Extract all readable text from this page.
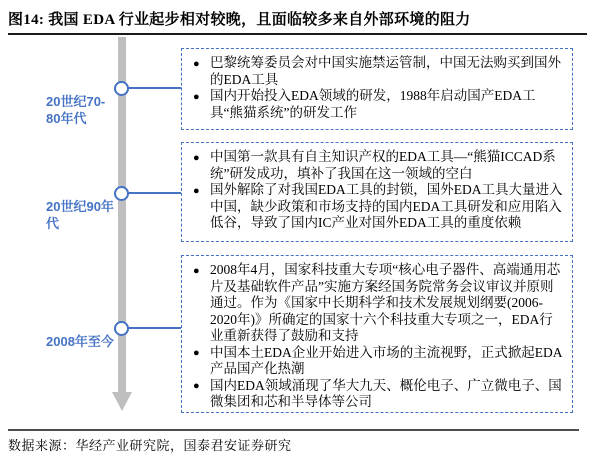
图14: 我国 EDA 行业起步相对较晚，且面临较多来自外部环境的阻力
20世纪70-80年代
20世纪90年代
2008年至今
● 巴黎统筹委员会对中国实施禁运管制，中国无法购买到国外的EDA工具
● 国内开始投入EDA领域的研发，1988年启动国产EDA工具“熊猫系统”的研发工作
● 中国第一款具有自主知识产权的EDA工具—“熊猫ICCAD系统”研发成功，填补了我国在这一领域的空白
● 国外解除了对我国EDA工具的封锁，国外EDA工具大量进入中国，缺少政策和市场支持的国内EDA工具研发和应用陷入低谷，导致了国内IC产业对国外EDA工具的重度依赖
● 2008年4月，国家科技重大专项“核心电子器件、高端通用芯片及基础软件产品”实施方案经国务院常务会议审议并原则通过。作为《国家中长期科学和技术发展规划纲要(2006-2020年)》所确定的国家十六个科技重大专项之一，EDA行业重新获得了鼓励和支持
● 中国本土EDA企业开始进入市场的主流视野，正式掀起EDA产品国产化热潮
● 国内EDA领域涌现了华大九天、概伦电子、广立微电子、国微集团和芯和半导体等公司
数据来源：华经产业研究院，国泰君安证券研究
